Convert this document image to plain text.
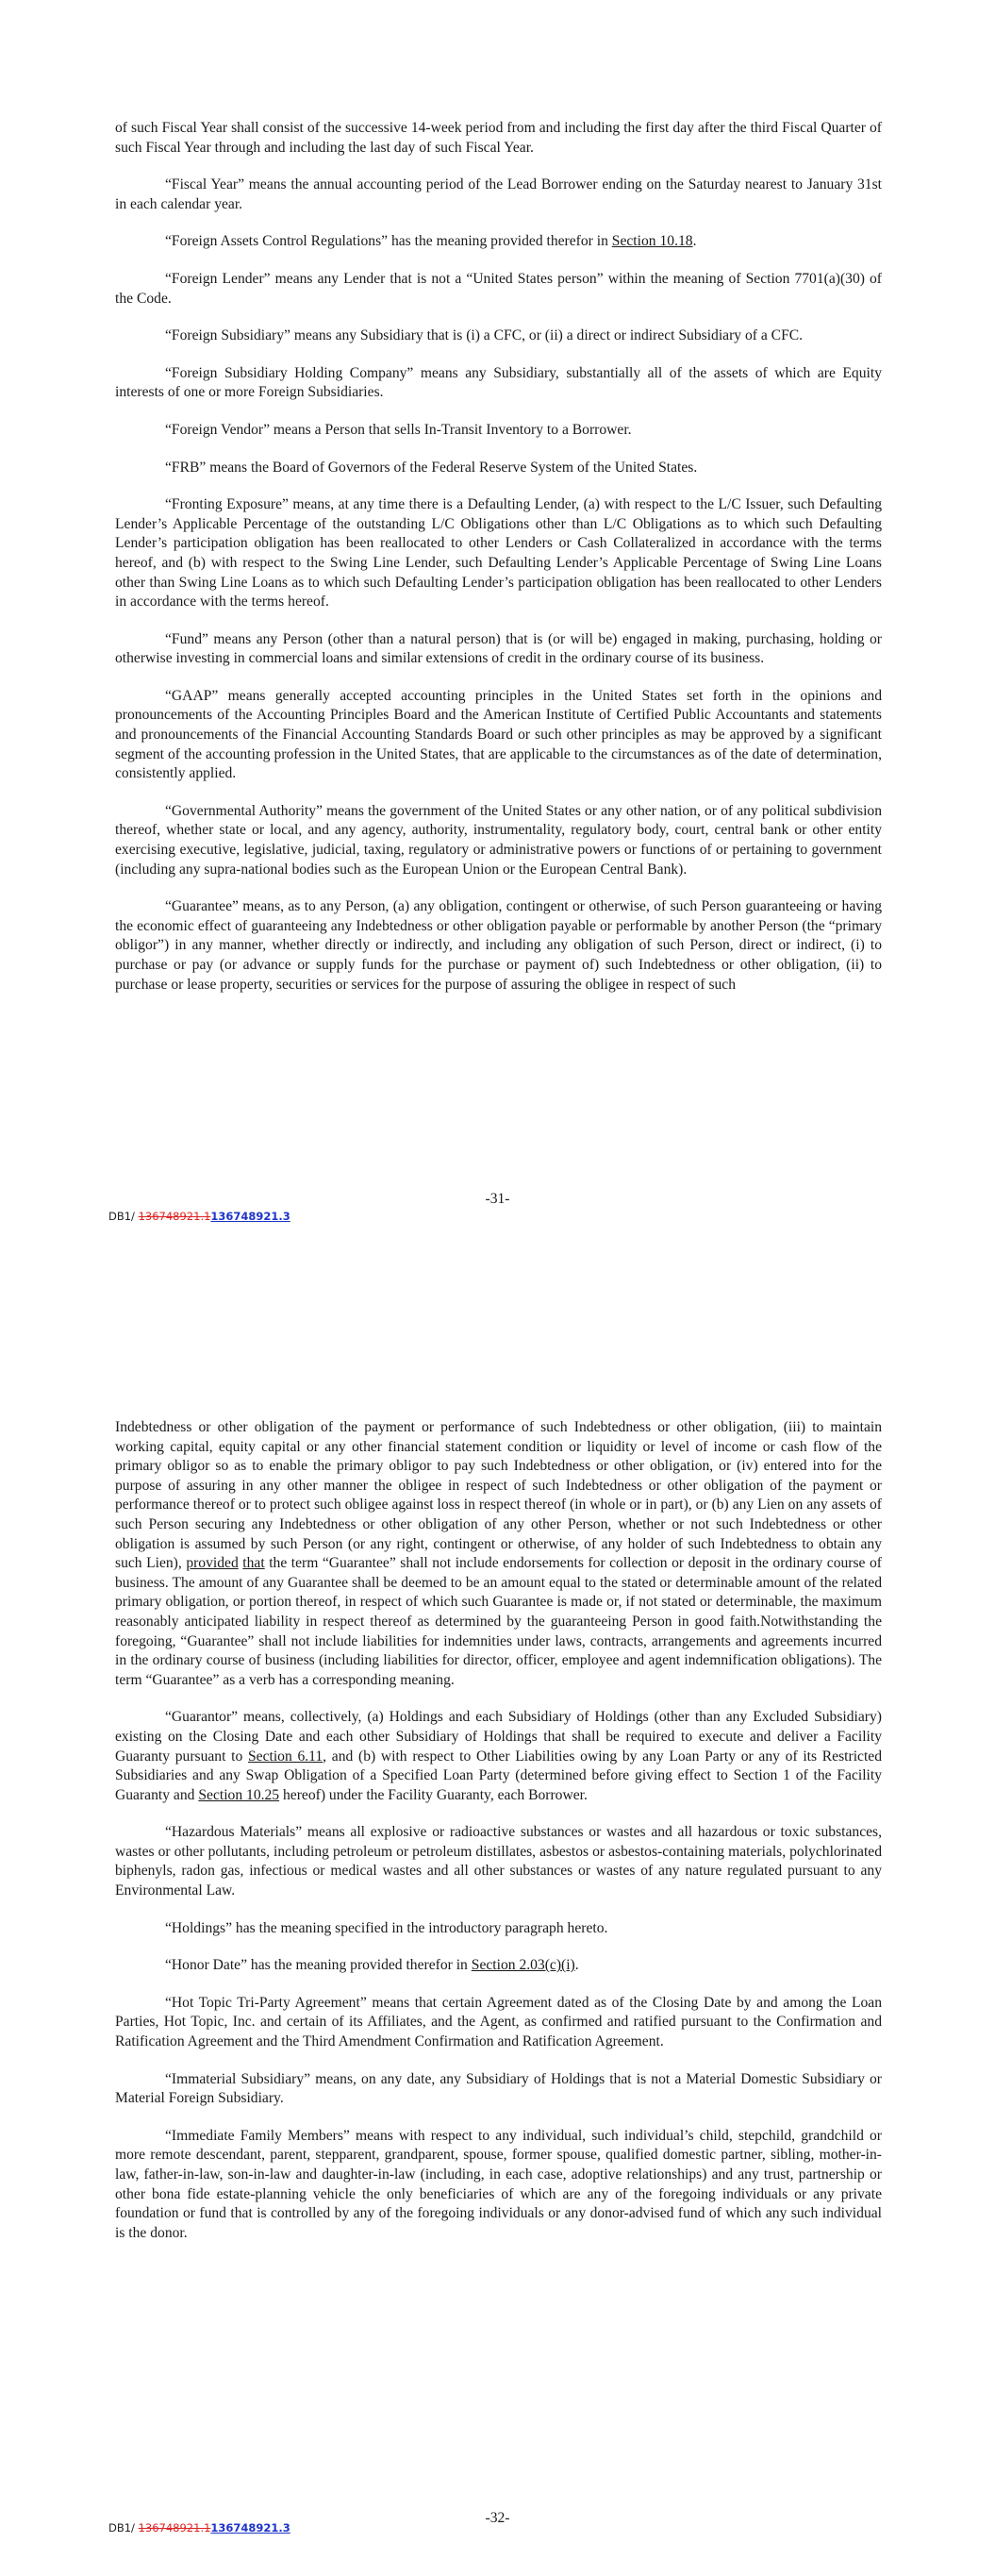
of such Fiscal Year shall consist of the successive 14-week period from and including the first day after the third Fiscal Quarter of such Fiscal Year through and including the last day of such Fiscal Year.

“Fiscal Year” means the annual accounting period of the Lead Borrower ending on the Saturday nearest to January 31st in each calendar year.

“Foreign Assets Control Regulations” has the meaning provided therefor in Section 10.18.

“Foreign Lender” means any Lender that is not a “United States person” within the meaning of Section 7701(a)(30) of the Code.

“Foreign Subsidiary” means any Subsidiary that is (i) a CFC, or (ii) a direct or indirect Subsidiary of a CFC.

“Foreign Subsidiary Holding Company” means any Subsidiary, substantially all of the assets of which are Equity interests of one or more Foreign Subsidiaries.

“Foreign Vendor” means a Person that sells In-Transit Inventory to a Borrower.

“FRB” means the Board of Governors of the Federal Reserve System of the United States.

“Fronting Exposure” means, at any time there is a Defaulting Lender, (a) with respect to the L/C Issuer, such Defaulting Lender’s Applicable Percentage of the outstanding L/C Obligations other than L/C Obligations as to which such Defaulting Lender’s participation obligation has been reallocated to other Lenders or Cash Collateralized in accordance with the terms hereof, and (b) with respect to the Swing Line Lender, such Defaulting Lender’s Applicable Percentage of Swing Line Loans other than Swing Line Loans as to which such Defaulting Lender’s participation obligation has been reallocated to other Lenders in accordance with the terms hereof.

“Fund” means any Person (other than a natural person) that is (or will be) engaged in making, purchasing, holding or otherwise investing in commercial loans and similar extensions of credit in the ordinary course of its business.

“GAAP” means generally accepted accounting principles in the United States set forth in the opinions and pronouncements of the Accounting Principles Board and the American Institute of Certified Public Accountants and statements and pronouncements of the Financial Accounting Standards Board or such other principles as may be approved by a significant segment of the accounting profession in the United States, that are applicable to the circumstances as of the date of determination, consistently applied.

“Governmental Authority” means the government of the United States or any other nation, or of any political subdivision thereof, whether state or local, and any agency, authority, instrumentality, regulatory body, court, central bank or other entity exercising executive, legislative, judicial, taxing, regulatory or administrative powers or functions of or pertaining to government (including any supra-national bodies such as the European Union or the European Central Bank).

“Guarantee” means, as to any Person, (a) any obligation, contingent or otherwise, of such Person guaranteeing or having the economic effect of guaranteeing any Indebtedness or other obligation payable or performable by another Person (the “primary obligor”) in any manner, whether directly or indirectly, and including any obligation of such Person, direct or indirect, (i) to purchase or pay (or advance or supply funds for the purchase or payment of) such Indebtedness or other obligation, (ii) to purchase or lease property, securities or services for the purpose of assuring the obligee in respect of such

-31-
DB1/ 136748921.1136748921.3

Indebtedness or other obligation of the payment or performance of such Indebtedness or other obligation, (iii) to maintain working capital, equity capital or any other financial statement condition or liquidity or level of income or cash flow of the primary obligor so as to enable the primary obligor to pay such Indebtedness or other obligation, or (iv) entered into for the purpose of assuring in any other manner the obligee in respect of such Indebtedness or other obligation of the payment or performance thereof or to protect such obligee against loss in respect thereof (in whole or in part), or (b) any Lien on any assets of such Person securing any Indebtedness or other obligation of any other Person, whether or not such Indebtedness or other obligation is assumed by such Person (or any right, contingent or otherwise, of any holder of such Indebtedness to obtain any such Lien), provided that the term “Guarantee” shall not include endorsements for collection or deposit in the ordinary course of business. The amount of any Guarantee shall be deemed to be an amount equal to the stated or determinable amount of the related primary obligation, or portion thereof, in respect of which such Guarantee is made or, if not stated or determinable, the maximum reasonably anticipated liability in respect thereof as determined by the guaranteeing Person in good faith.Notwithstanding the foregoing, “Guarantee” shall not include liabilities for indemnities under laws, contracts, arrangements and agreements incurred in the ordinary course of business (including liabilities for director, officer, employee and agent indemnification obligations). The term “Guarantee” as a verb has a corresponding meaning.

“Guarantor” means, collectively, (a) Holdings and each Subsidiary of Holdings (other than any Excluded Subsidiary) existing on the Closing Date and each other Subsidiary of Holdings that shall be required to execute and deliver a Facility Guaranty pursuant to Section 6.11, and (b) with respect to Other Liabilities owing by any Loan Party or any of its Restricted Subsidiaries and any Swap Obligation of a Specified Loan Party (determined before giving effect to Section 1 of the Facility Guaranty and Section 10.25 hereof) under the Facility Guaranty, each Borrower.

“Hazardous Materials” means all explosive or radioactive substances or wastes and all hazardous or toxic substances, wastes or other pollutants, including petroleum or petroleum distillates, asbestos or asbestos-containing materials, polychlorinated biphenyls, radon gas, infectious or medical wastes and all other substances or wastes of any nature regulated pursuant to any Environmental Law.

“Holdings” has the meaning specified in the introductory paragraph hereto.

“Honor Date” has the meaning provided therefor in Section 2.03(c)(i).

“Hot Topic Tri-Party Agreement” means that certain Agreement dated as of the Closing Date by and among the Loan Parties, Hot Topic, Inc. and certain of its Affiliates, and the Agent, as confirmed and ratified pursuant to the Confirmation and Ratification Agreement and the Third Amendment Confirmation and Ratification Agreement.

“Immaterial Subsidiary” means, on any date, any Subsidiary of Holdings that is not a Material Domestic Subsidiary or Material Foreign Subsidiary.

“Immediate Family Members” means with respect to any individual, such individual’s child, stepchild, grandchild or more remote descendant, parent, stepparent, grandparent, spouse, former spouse, qualified domestic partner, sibling, mother-in-law, father-in-law, son-in-law and daughter-in-law (including, in each case, adoptive relationships) and any trust, partnership or other bona fide estate-planning vehicle the only beneficiaries of which are any of the foregoing individuals or any private foundation or fund that is controlled by any of the foregoing individuals or any donor-advised fund of which any such individual is the donor.

-32-
DB1/ 136748921.1136748921.3
